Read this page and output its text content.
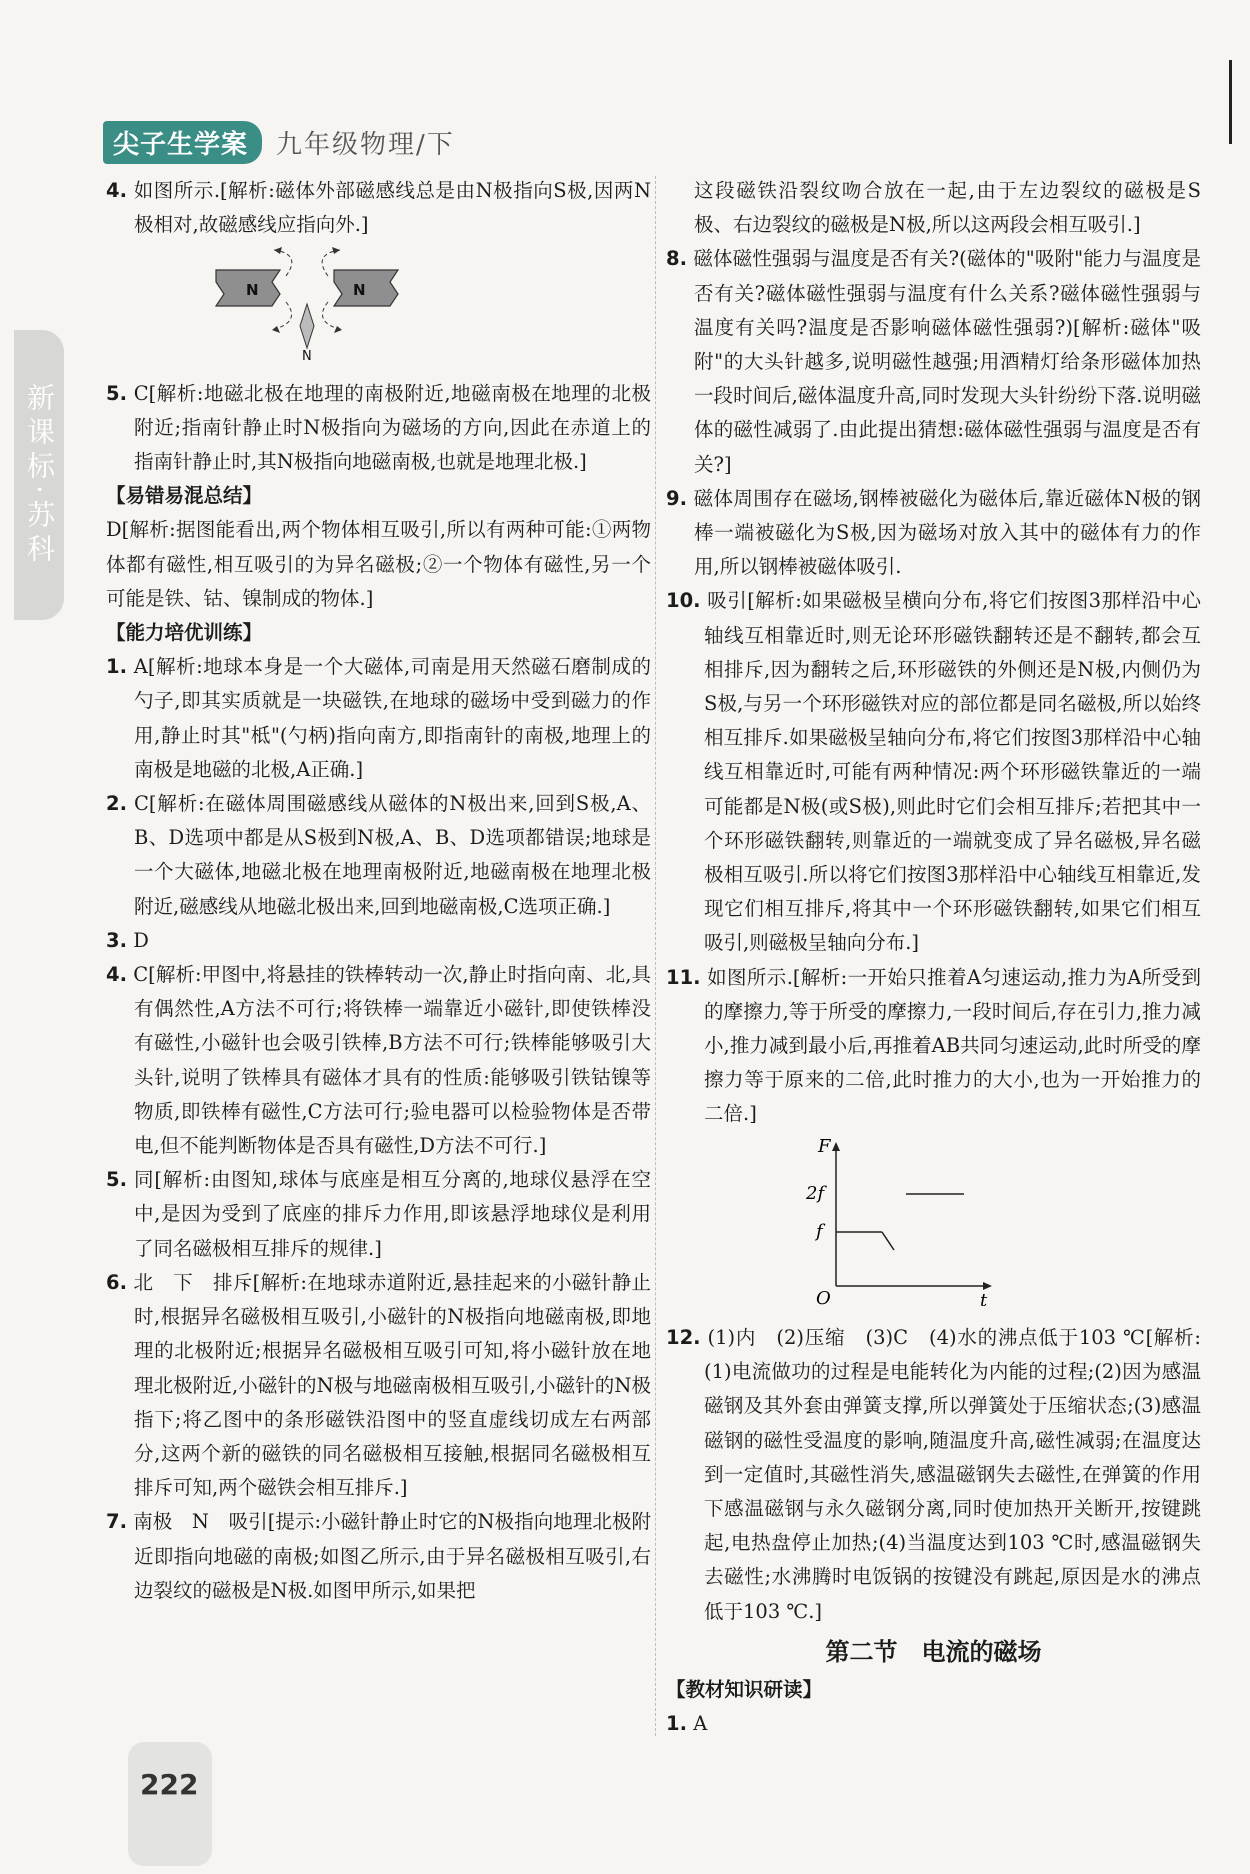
尖子生学案	九年级物理/下
新课标·苏科

4. 如图所示.[解析:磁体外部磁感线总是由N极指向S极,因两N极相对,故磁感线应指向外.]

N	N
N

5. C[解析:地磁北极在地理的南极附近,地磁南极在地理的北极附近;指南针静止时N极指向为磁场的方向,因此在赤道上的指南针静止时,其N极指向地磁南极,也就是地理北极.]

【易错易混总结】

D[解析:据图能看出,两个物体相互吸引,所以有两种可能:①两物体都有磁性,相互吸引的为异名磁极;②一个物体有磁性,另一个可能是铁、钴、镍制成的物体.]

【能力培优训练】

1. A[解析:地球本身是一个大磁体,司南是用天然磁石磨制成的勺子,即其实质就是一块磁铁,在地球的磁场中受到磁力的作用,静止时其"柢"(勺柄)指向南方,即指南针的南极,地理上的南极是地磁的北极,A正确.]

2. C[解析:在磁体周围磁感线从磁体的N极出来,回到S极,A、B、D选项中都是从S极到N极,A、B、D选项都错误;地球是一个大磁体,地磁北极在地理南极附近,地磁南极在地理北极附近,磁感线从地磁北极出来,回到地磁南极,C选项正确.]

3. D

4. C[解析:甲图中,将悬挂的铁棒转动一次,静止时指向南、北,具有偶然性,A方法不可行;将铁棒一端靠近小磁针,即使铁棒没有磁性,小磁针也会吸引铁棒,B方法不可行;铁棒能够吸引大头针,说明了铁棒具有磁体才具有的性质:能够吸引铁钴镍等物质,即铁棒有磁性,C方法可行;验电器可以检验物体是否带电,但不能判断物体是否具有磁性,D方法不可行.]

5. 同[解析:由图知,球体与底座是相互分离的,地球仪悬浮在空中,是因为受到了底座的排斥力作用,即该悬浮地球仪是利用了同名磁极相互排斥的规律.]

6. 北　下　排斥[解析:在地球赤道附近,悬挂起来的小磁针静止时,根据异名磁极相互吸引,小磁针的N极指向地磁南极,即地理的北极附近;根据异名磁极相互吸引可知,将小磁针放在地理北极附近,小磁针的N极与地磁南极相互吸引,小磁针的N极指下;将乙图中的条形磁铁沿图中的竖直虚线切成左右两部分,这两个新的磁铁的同名磁极相互接触,根据同名磁极相互排斥可知,两个磁铁会相互排斥.]

7. 南极　N　吸引[提示:小磁针静止时它的N极指向地理北极附近即指向地磁的南极;如图乙所示,由于异名磁极相互吸引,右边裂纹的磁极是N极.如图甲所示,如果把

这段磁铁沿裂纹吻合放在一起,由于左边裂纹的磁极是S极、右边裂纹的磁极是N极,所以这两段会相互吸引.]

8. 磁体磁性强弱与温度是否有关?(磁体的"吸附"能力与温度是否有关?磁体磁性强弱与温度有什么关系?磁体磁性强弱与温度有关吗?温度是否影响磁体磁性强弱?)[解析:磁体"吸附"的大头针越多,说明磁性越强;用酒精灯给条形磁体加热一段时间后,磁体温度升高,同时发现大头针纷纷下落.说明磁体的磁性减弱了.由此提出猜想:磁体磁性强弱与温度是否有关?]

9. 磁体周围存在磁场,钢棒被磁化为磁体后,靠近磁体N极的钢棒一端被磁化为S极,因为磁场对放入其中的磁体有力的作用,所以钢棒被磁体吸引.

10. 吸引[解析:如果磁极呈横向分布,将它们按图3那样沿中心轴线互相靠近时,则无论环形磁铁翻转还是不翻转,都会互相排斥,因为翻转之后,环形磁铁的外侧还是N极,内侧仍为S极,与另一个环形磁铁对应的部位都是同名磁极,所以始终相互排斥.如果磁极呈轴向分布,将它们按图3那样沿中心轴线互相靠近时,可能有两种情况:两个环形磁铁靠近的一端可能都是N极(或S极),则此时它们会相互排斥;若把其中一个环形磁铁翻转,则靠近的一端就变成了异名磁极,异名磁极相互吸引.所以将它们按图3那样沿中心轴线互相靠近,发现它们相互排斥,将其中一个环形磁铁翻转,如果它们相互吸引,则磁极呈轴向分布.]

11. 如图所示.[解析:一开始只推着A匀速运动,推力为A所受到的摩擦力,等于所受的摩擦力,一段时间后,存在引力,推力减小,推力减到最小后,再推着AB共同匀速运动,此时所受的摩擦力等于原来的二倍,此时推力的大小,也为一开始推力的二倍.]

F
t
O
2f
f

12. (1)内　(2)压缩　(3)C　(4)水的沸点低于103 ℃[解析:(1)电流做功的过程是电能转化为内能的过程;(2)因为感温磁钢及其外套由弹簧支撑,所以弹簧处于压缩状态;(3)感温磁钢的磁性受温度的影响,随温度升高,磁性减弱;在温度达到一定值时,其磁性消失,感温磁钢失去磁性,在弹簧的作用下感温磁钢与永久磁钢分离,同时使加热开关断开,按键跳起,电热盘停止加热;(4)当温度达到103 ℃时,感温磁钢失去磁性;水沸腾时电饭锅的按键没有跳起,原因是水的沸点低于103 ℃.]

第二节　电流的磁场

【教材知识研读】

1. A

222
